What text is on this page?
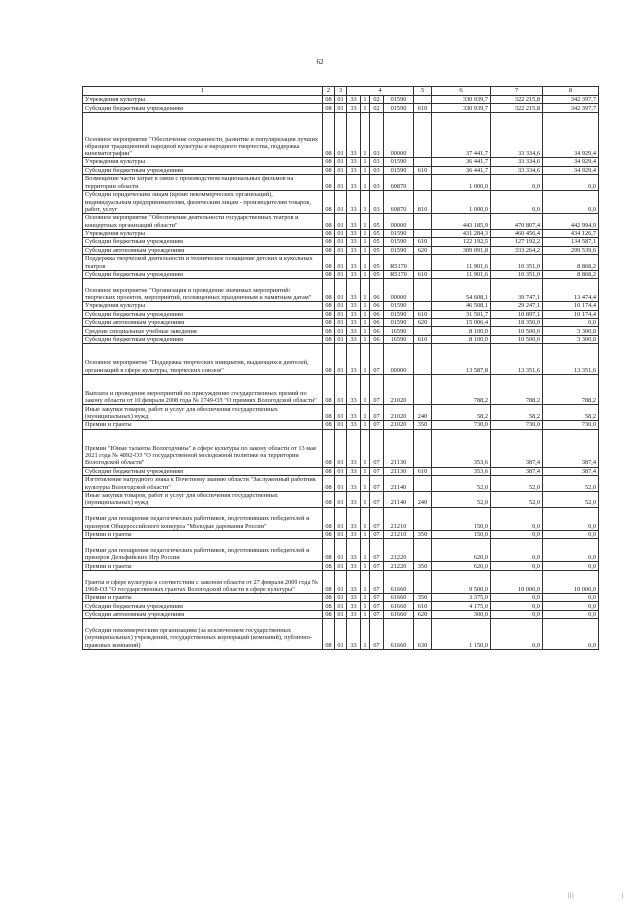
62
1	2	3	4				5	6	7	8
Учреждения культуры	08	01	33	1	02	01590		330 939,7	322 215,8	342 397,7
Субсидии бюджетным учреждениям	08	01	33	1	02	01590	610	330 939,7	322 215,8	342 397,7
Основное мероприятие "Обеспечение сохранности, развитие и популяризация лучших образцов традиционной народной культуры и народного творчества, поддержка кинематографии"	08	01	33	1	03	00000		37 441,7	33 334,6	34 929,4
Учреждения культуры	08	01	33	1	03	01590		36 441,7	33 334,6	34 929,4
Субсидии бюджетным учреждениям	08	01	33	1	03	01590	610	36 441,7	33 334,6	34 929,4
Возмещение части затрат в связи с производством национальных фильмов на территории области	08	01	33	1	03	60870		1 000,0	0,0	0,0
Субсидии юридическим лицам (кроме некоммерческих организаций), индивидуальным предпринимателям, физическим лицам - производителям товаров, работ, услуг	08	01	33	1	03	60870	810	1 000,0	0,0	0,0
Основное мероприятие "Обеспечение деятельности государственных театров и концертных организаций области"	08	01	33	1	05	00000		443 185,9	470 807,4	442 994,9
Учреждения культуры	08	01	33	1	05	01590		431 284,3	460 456,4	434 126,7
Субсидии бюджетным учреждениям	08	01	33	1	05	01590	610	122 192,5	127 192,2	134 587,1
Субсидии автономным учреждениям	08	01	33	1	05	01590	620	309 091,8	333 264,2	299 539,6
Поддержка творческой деятельности и техническое оснащение детских и кукольных театров	08	01	33	1	05	R5170		11 901,6	10 351,0	8 868,2
Субсидии бюджетным учреждениям	08	01	33	1	05	R5170	610	11 901,6	10 351,0	8 868,2
Основное мероприятие "Организация и проведение значимых мероприятий: творческих проектов, мероприятий, посвященных праздничным и памятным датам"	08	01	33	1	06	00000		54 608,1	39 747,1	13 474,4
Учреждения культуры	08	01	33	1	06	01590		46 508,1	29 247,1	10 174,4
Субсидии бюджетным учреждениям	08	01	33	1	06	01590	610	31 501,7	10 897,1	10 174,4
Субсидии автономным учреждениям	08	01	33	1	06	01590	620	15 006,4	18 350,0	0,0
Средние специальные учебные заведения	08	01	33	1	06	16590		8 100,0	10 500,0	3 300,0
Субсидии бюджетным учреждениям	08	01	33	1	06	16590	610	8 100,0	10 500,0	3 300,0
Основное мероприятие "Поддержка творческих инициатив, выдающихся деятелей, организаций в сфере культуры, творческих союзов"	08	01	33	1	07	00000		13 587,8	13 351,6	13 351,6
Выплата и проведение мероприятий по присуждению государственных премий по закону области от 10 февраля 2008 года № 1749-ОЗ "О премиях Вологодской области"	08	01	33	1	07	21020		788,2	788,2	788,2
Иные закупки товаров, работ и услуг для обеспечения государственных (муниципальных) нужд	08	01	33	1	07	21020	240	58,2	58,2	58,2
Премии и гранты	08	01	33	1	07	21020	350	730,0	730,0	730,0
Премии "Юные таланты Вологодчины" в сфере культуры по закону области от 13 мая 2021 года № 4892-ОЗ "О государственной молодежной политике на территории Вологодской области"	08	01	33	1	07	21130		353,6	387,4	387,4
Субсидии бюджетным учреждениям	08	01	33	1	07	21130	610	353,6	387,4	387,4
Изготовление нагрудного знака к Почетному званию области "Заслуженный работник культуры Вологодской области"	08	01	33	1	07	21140		52,0	52,0	52,0
Иные закупки товаров, работ и услуг для обеспечения государственных (муниципальных) нужд	08	01	33	1	07	21140	240	52,0	52,0	52,0
Премии для поощрения педагогических работников, подготовивших победителей и призеров Общероссийского конкурса "Молодые дарования России"	08	01	33	1	07	21210		150,0	0,0	0,0
Премии и гранты	08	01	33	1	07	21210	350	150,0	0,0	0,0
Премии для поощрения педагогических работников, подготовивших победителей и призеров Дельфийских Игр России	08	01	33	1	07	21220		620,0	0,0	0,0
Премии и гранты	08	01	33	1	07	21220	350	620,0	0,0	0,0
Гранты в сфере культуры в соответствии с законом области от 27 февраля 2009 года № 1968-ОЗ "О государственных грантах Вологодской области в сфере культуры"	08	01	33	1	07	61660		9 500,0	10 000,0	10 000,0
Премии и гранты	08	01	33	1	07	61660	350	3 375,0	0,0	0,0
Субсидии бюджетным учреждениям	08	01	33	1	07	61660	610	4 175,0	0,0	0,0
Субсидии автономным учреждениям	08	01	33	1	07	61660	620	300,0	0,0	0,0
Субсидии некоммерческим организациям (за исключением государственных (муниципальных) учреждений, государственных корпораций (компаний), публично-правовых компаний)	08	01	33	1	07	61660	630	1 150,0	0,0	0,0
|||	|
